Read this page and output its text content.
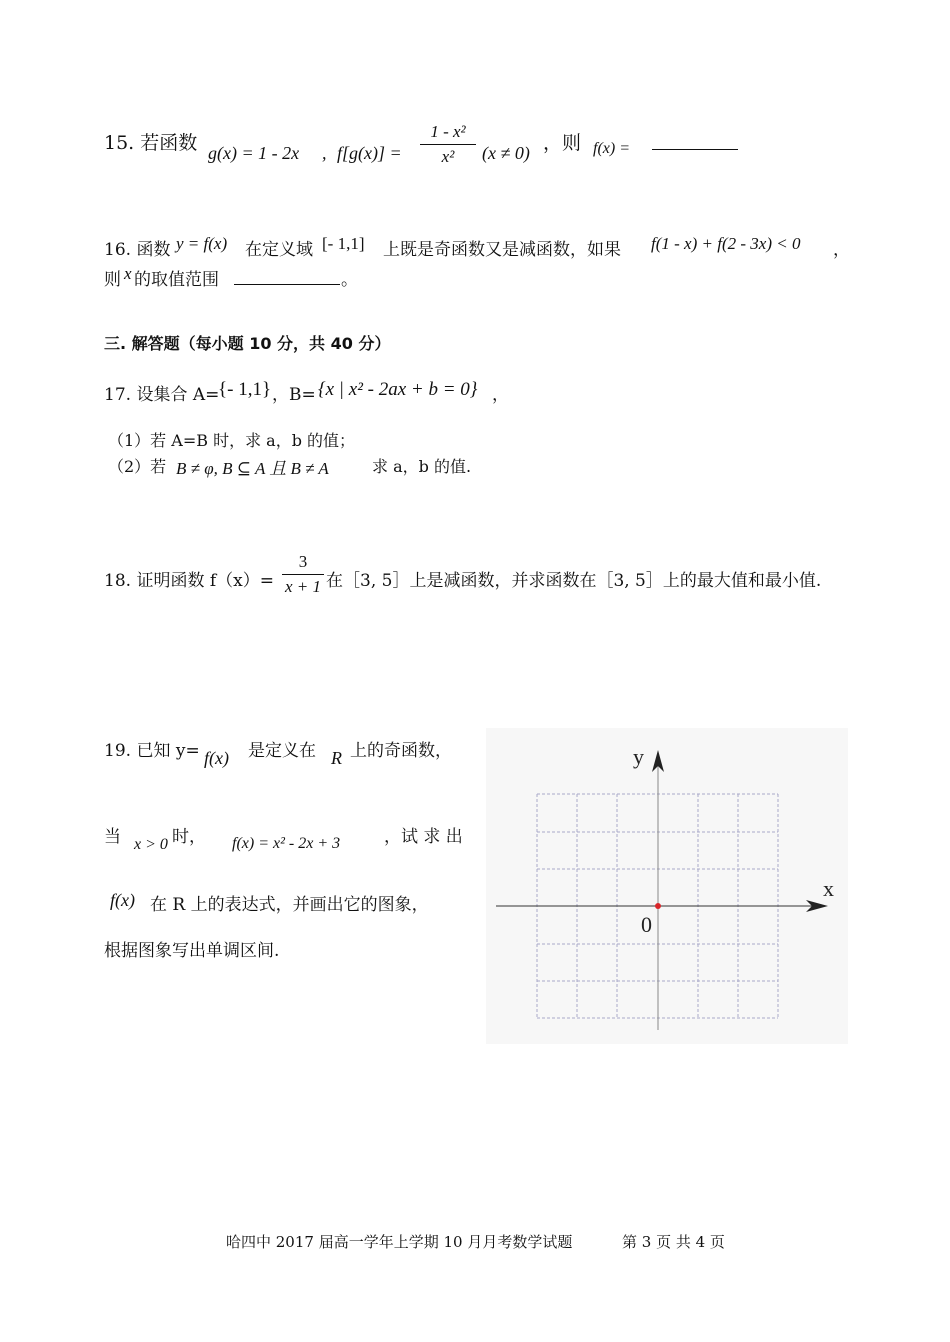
15. 若函数 g(x) = 1 - 2x , f[g(x)] =
1 - x²
x²	(x ≠ 0) ，则 f(x) =
16. 函数 y = f(x) 在定义域 [- 1,1] 上既是奇函数又是减函数，如果 f(1 - x) + f(2 - 3x) < 0 ，
则 x 的取值范围	。
三. 解答题（每小题 10 分，共 40 分）
17. 设集合 A=
{- 1,1} ，B= {x | x² - 2ax + b = 0} ，
（1）若 A=B 时，求 a，b 的值；
（2）若 B ≠ φ, B ⊆ A 且 B ≠ A	求 a，b 的值.
18. 证明函数 f（x）=
3
x + 1 在［3, 5］上是减函数，并求函数在［3, 5］上的最大值和最小值.
19. 已知 y= f(x) 是定义在 R 上的奇函数，
当 x > 0 时， f(x) = x² - 2x + 3	，试 求 出
f(x) 在 R 上的表达式，并画出它的图象，
根据图象写出单调区间.
y
x
0
哈四中 2017 届高一学年上学期 10 月月考数学试题	第 3 页 共 4 页
